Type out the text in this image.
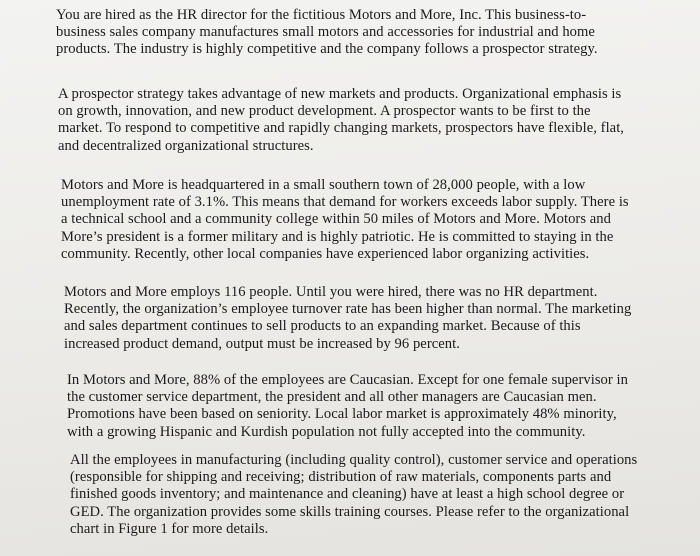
You are hired as the HR director for the fictitious Motors and More, Inc. This business-to-
business sales company manufactures small motors and accessories for industrial and home
products. The industry is highly competitive and the company follows a prospector strategy.

A prospector strategy takes advantage of new markets and products. Organizational emphasis is
on growth, innovation, and new product development. A prospector wants to be first to the
market. To respond to competitive and rapidly changing markets, prospectors have flexible, flat,
and decentralized organizational structures.

Motors and More is headquartered in a small southern town of 28,000 people, with a low
unemployment rate of 3.1%. This means that demand for workers exceeds labor supply. There is
a technical school and a community college within 50 miles of Motors and More. Motors and
More’s president is a former military and is highly patriotic. He is committed to staying in the
community. Recently, other local companies have experienced labor organizing activities.

Motors and More employs 116 people. Until you were hired, there was no HR department.
Recently, the organization’s employee turnover rate has been higher than normal. The marketing
and sales department continues to sell products to an expanding market. Because of this
increased product demand, output must be increased by 96 percent.

In Motors and More, 88% of the employees are Caucasian. Except for one female supervisor in
the customer service department, the president and all other managers are Caucasian men.
Promotions have been based on seniority. Local labor market is approximately 48% minority,
with a growing Hispanic and Kurdish population not fully accepted into the community.

All the employees in manufacturing (including quality control), customer service and operations
(responsible for shipping and receiving; distribution of raw materials, components parts and
finished goods inventory; and maintenance and cleaning) have at least a high school degree or
GED. The organization provides some skills training courses. Please refer to the organizational
chart in Figure 1 for more details.
